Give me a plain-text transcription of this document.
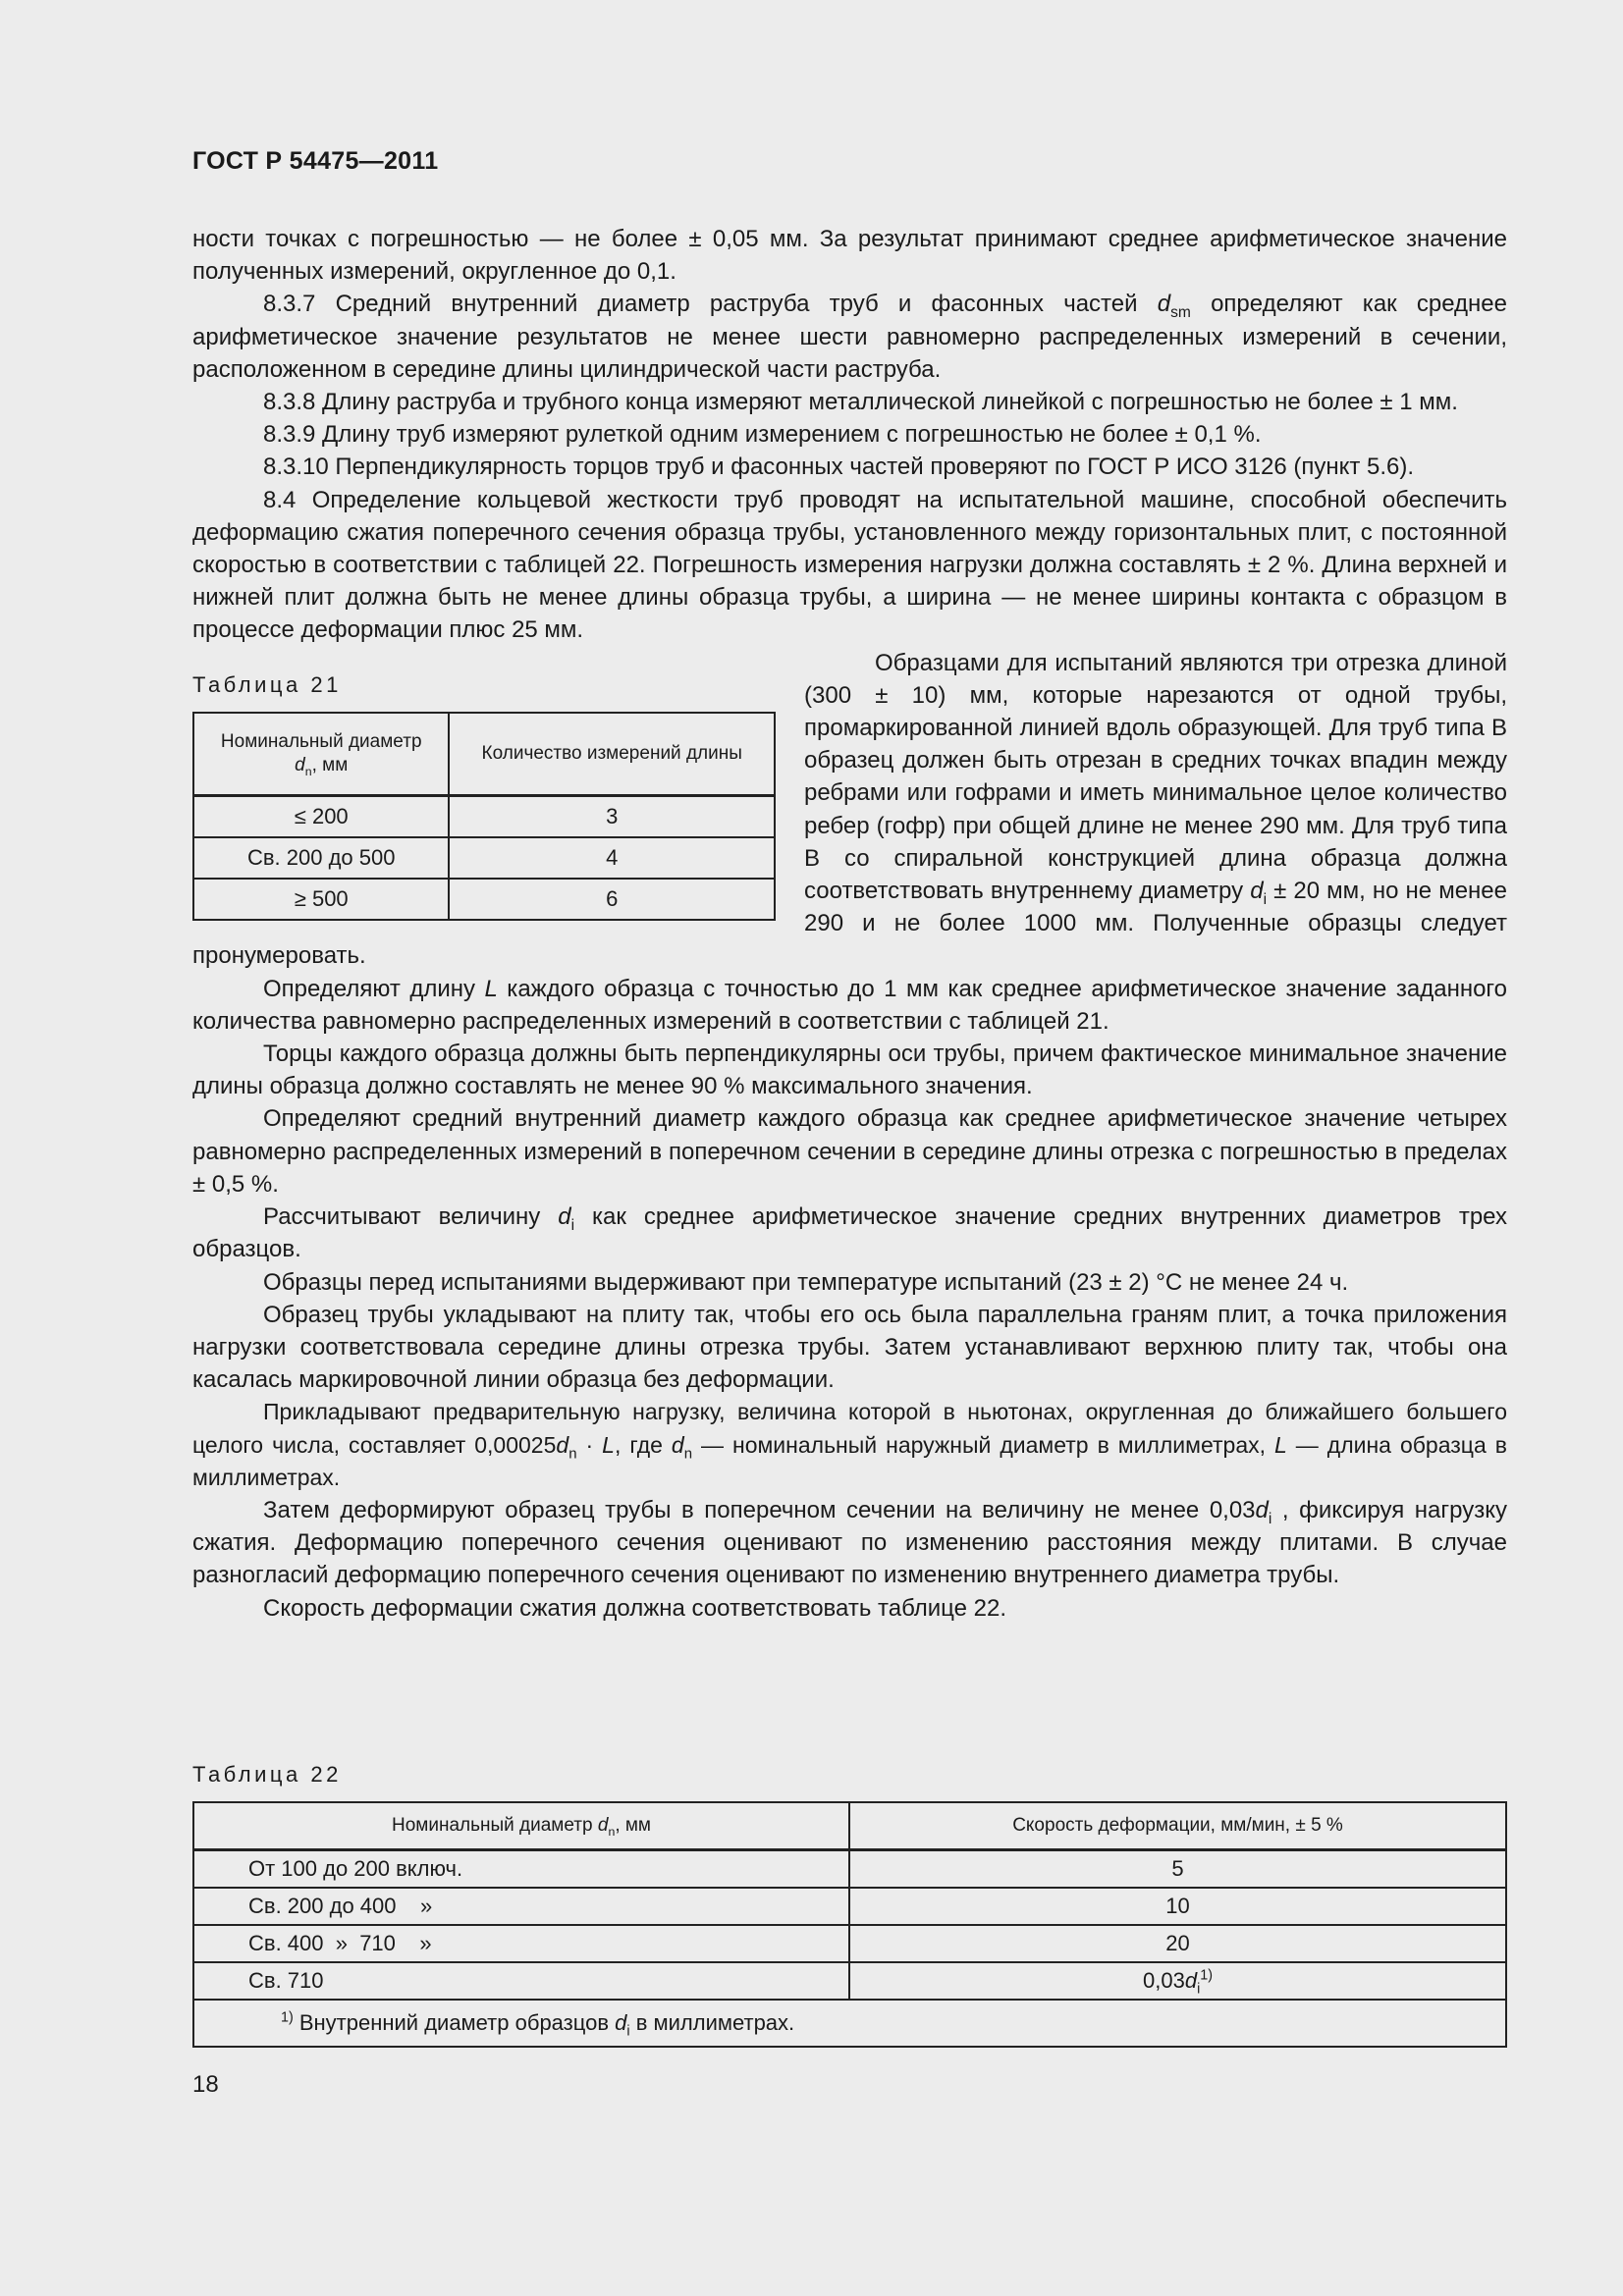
ГОСТ Р 54475—2011

ности точках с погрешностью — не более ± 0,05 мм. За результат принимают среднее арифметическое значение полученных измерений, округленное до 0,1.

8.3.7 Средний внутренний диаметр раструба труб и фасонных частей $d_{sm}$ определяют как среднее арифметическое значение результатов не менее шести равномерно распределенных измерений в сечении, расположенном в середине длины цилиндрической части раструба.

8.3.8 Длину раструба и трубного конца измеряют металлической линейкой с погрешностью не более ± 1 мм.

8.3.9 Длину труб измеряют рулеткой одним измерением с погрешностью не более ± 0,1 %.

8.3.10 Перпендикулярность торцов труб и фасонных частей проверяют по ГОСТ Р ИСО 3126 (пункт 5.6).

8.4 Определение кольцевой жесткости труб проводят на испытательной машине, способной обеспечить деформацию сжатия поперечного сечения образца трубы, установленного между горизонтальных плит, с постоянной скоростью в соответствии с таблицей 22. Погрешность измерения нагрузки должна составлять ± 2 %. Длина верхней и нижней плит должна быть не менее длины образца трубы, а ширина — не менее ширины контакта с образцом в процессе деформации плюс 25 мм.

Таблица 21
Номинальный диаметр
$d_n$, мм	Количество измерений длины
≤ 200	3
Св. 200 до 500	4
≥ 500	6

Образцами для испытаний являются три отрезка длиной (300 ± 10) мм, которые нарезаются от одной трубы, промаркированной линией вдоль образующей. Для труб типа В образец должен быть отрезан в средних точках впадин между ребрами или гофрами и иметь минимальное целое количество ребер (гофр) при общей длине не менее 290 мм. Для труб типа В со спиральной конструкцией длина образца должна соответствовать внутреннему диаметру $d_i \pm 20$ мм, но не менее 290 и не более 1000 мм. Полученные образцы следует пронумеровать.

Определяют длину L каждого образца с точностью до 1 мм как среднее арифметическое значение заданного количества равномерно распределенных измерений в соответствии с таблицей 21.

Торцы каждого образца должны быть перпендикулярны оси трубы, причем фактическое минимальное значение длины образца должно составлять не менее 90 % максимального значения.

Определяют средний внутренний диаметр каждого образца как среднее арифметическое значение четырех равномерно распределенных измерений в поперечном сечении в середине длины отрезка с погрешностью в пределах ± 0,5 %.

Рассчитывают величину $d_i$ как среднее арифметическое значение средних внутренних диаметров трех образцов.

Образцы перед испытаниями выдерживают при температуре испытаний (23 ± 2) °С не менее 24 ч.

Образец трубы укладывают на плиту так, чтобы его ось была параллельна граням плит, а точка приложения нагрузки соответствовала середине длины отрезка трубы. Затем устанавливают верхнюю плиту так, чтобы она касалась маркировочной линии образца без деформации.

Прикладывают предварительную нагрузку, величина которой в ньютонах, округленная до ближайшего большего целого числа, составляет $0,00025d_n \cdot L$, где $d_n$ — номинальный наружный диаметр в миллиметрах, L — длина образца в миллиметрах.

Затем деформируют образец трубы в поперечном сечении на величину не менее $0,03d_i$ , фиксируя нагрузку сжатия. Деформацию поперечного сечения оценивают по изменению расстояния между плитами. В случае разногласий деформацию поперечного сечения оценивают по изменению внутреннего диаметра трубы.

Скорость деформации сжатия должна соответствовать таблице 22.

Таблица 22
Номинальный диаметр $d_n$, мм	Скорость деформации, мм/мин, ± 5 %
От 100 до 200 включ.	5
Св. 200 до 400    »	10
Св. 400  »  710    »	20
Св. 710	$0,03d_i^{1)}$
$^{1)}$ Внутренний диаметр образцов $d_i$ в миллиметрах.	
18
